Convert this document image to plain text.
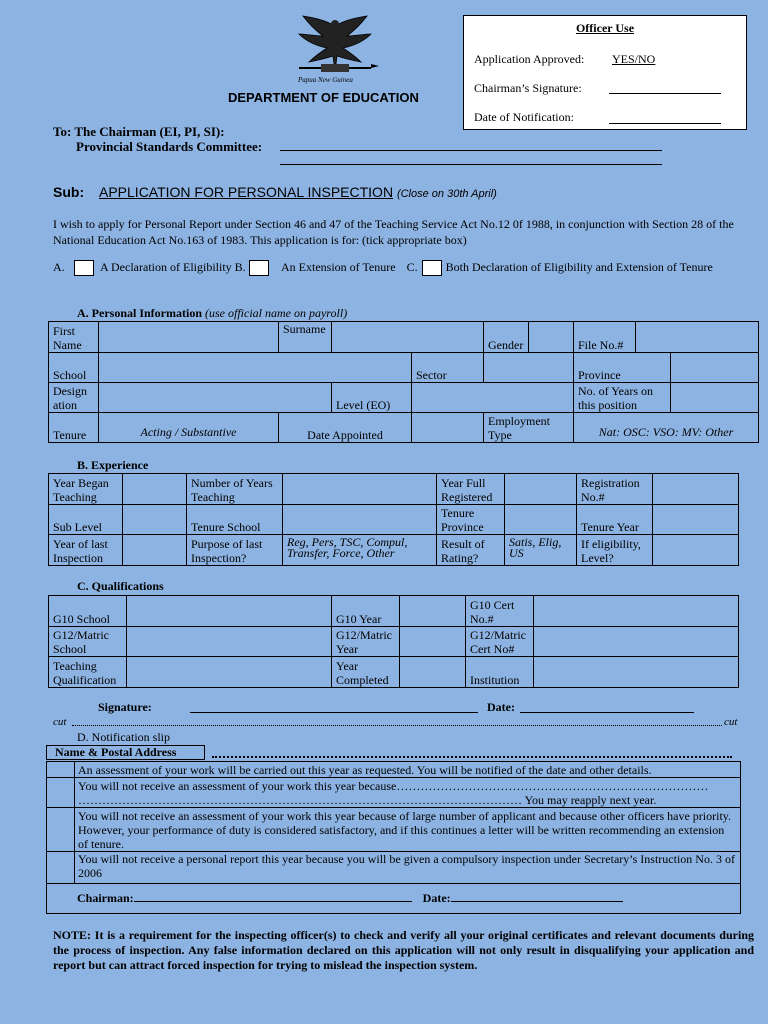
Papua New Guinea
DEPARTMENT OF EDUCATION
Officer Use
Application Approved: YES/NO
Chairman’s Signature:
Date of Notification:
To: The Chairman (EI, PI, SI):
Provincial Standards Committee:
Sub: APPLICATION FOR PERSONAL INSPECTION (Close on 30th April)
I wish to apply for Personal Report under Section 46 and 47 of the Teaching Service Act No.12 0f 1988, in conjunction with Section 28 of the National Education Act No.163 of 1983. This application is for: (tick appropriate box)
A.	A Declaration of Eligibility B.	An Extension of Tenure C. Both Declaration of Eligibility and Extension of Tenure
A. Personal Information (use official name on payroll)
First Name		Surname			Gender		File No.#		
School				Sector			Province		
Design ation			Level (EO)				No. of Years on this position		
Tenure	Acting / Substantive	Date Appointed			Employment Type		Nat: OSC: VSO: MV: Other		
B. Experience
Year Began Teaching		Number of Years Teaching		Year Full Registered		Registration No.#	
Sub Level		Tenure School		Tenure Province		Tenure Year	
Year of last Inspection		Purpose of last Inspection?	Reg, Pers, TSC, Compul, Transfer, Force, Other	Result of Rating?	Satis, Elig, US	If eligibility, Level?	
C. Qualifications
G10 School		G10 Year		G10 Cert No.#	
G12/Matric School		G12/Matric Year		G12/Matric Cert No#	
Teaching Qualification		Year Completed		Institution	
Signature:	Date:
cut	cut
D. Notification slip
Name & Postal Address
	An assessment of your work will be carried out this year as requested. You will be notified of the date and other details.

	You will not receive an assessment of your work this year because……………………………………………………………………
………………………………………………………………………………………………… You may reapply next year.

	You will not receive an assessment of your work this year because of large number of applicant and because other officers have priority. However, your performance of duty is considered satisfactory, and if this continues a letter will be written recommending an extension of tenure.
	You will not receive a personal report this year because you will be given a compulsory inspection under Secretary’s Instruction No. 3 of 2006
Chairman: Date:	
NOTE: It is a requirement for the inspecting officer(s) to check and verify all your original certificates and relevant documents during the process of inspection. Any false information declared on this application will not only result in disqualifying your application and report but can attract forced inspection for trying to mislead the inspection system.
